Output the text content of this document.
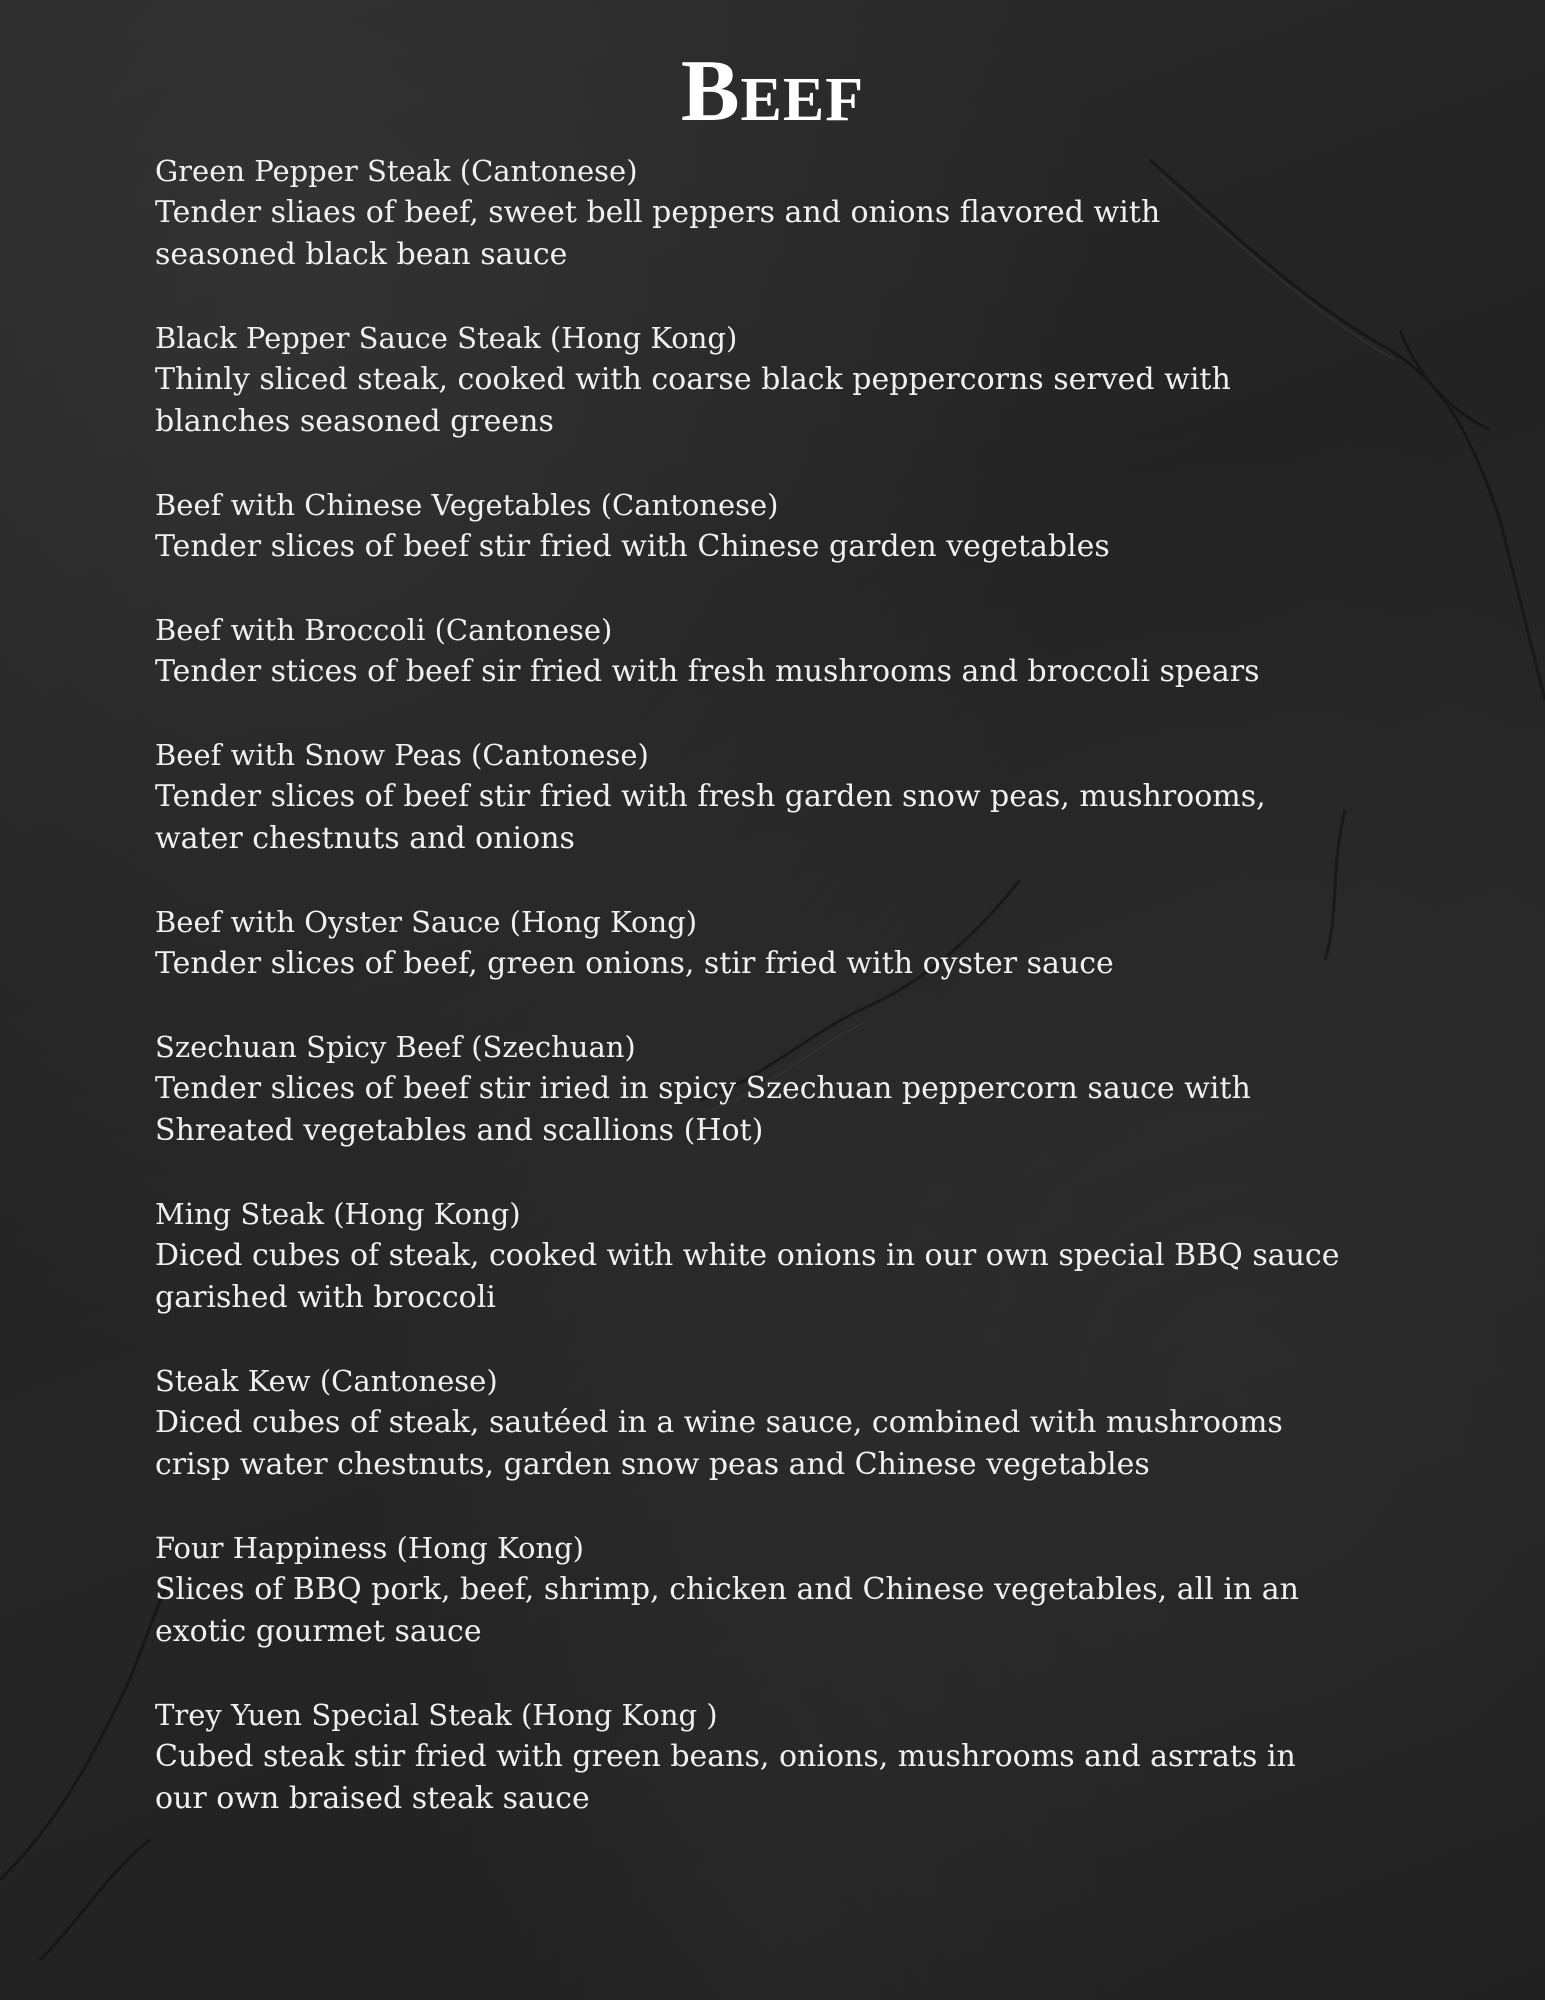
Beef
Green Pepper Steak (Cantonese)
Tender sliaes of beef, sweet bell peppers and onions flavored with
seasoned black bean sauce
Black Pepper Sauce Steak (Hong Kong)
Thinly sliced steak, cooked with coarse black peppercorns served with
blanches seasoned greens
Beef with Chinese Vegetables (Cantonese)
Tender slices of beef stir fried with Chinese garden vegetables
Beef with Broccoli (Cantonese)
Tender stices of beef sir fried with fresh mushrooms and broccoli spears
Beef with Snow Peas (Cantonese)
Tender slices of beef stir fried with fresh garden snow peas, mushrooms,
water chestnuts and onions
Beef with Oyster Sauce (Hong Kong)
Tender slices of beef, green onions, stir fried with oyster sauce
Szechuan Spicy Beef (Szechuan)
Tender slices of beef stir iried in spicy Szechuan peppercorn sauce with
Shreated vegetables and scallions (Hot)
Ming Steak (Hong Kong)
Diced cubes of steak, cooked with white onions in our own special BBQ sauce
garished with broccoli
Steak Kew (Cantonese)
Diced cubes of steak, sautéed in a wine sauce, combined with mushrooms
crisp water chestnuts, garden snow peas and Chinese vegetables
Four Happiness (Hong Kong)
Slices of BBQ pork, beef, shrimp, chicken and Chinese vegetables, all in an
exotic gourmet sauce
Trey Yuen Special Steak (Hong Kong )
Cubed steak stir fried with green beans, onions, mushrooms and asrrats in
our own braised steak sauce
